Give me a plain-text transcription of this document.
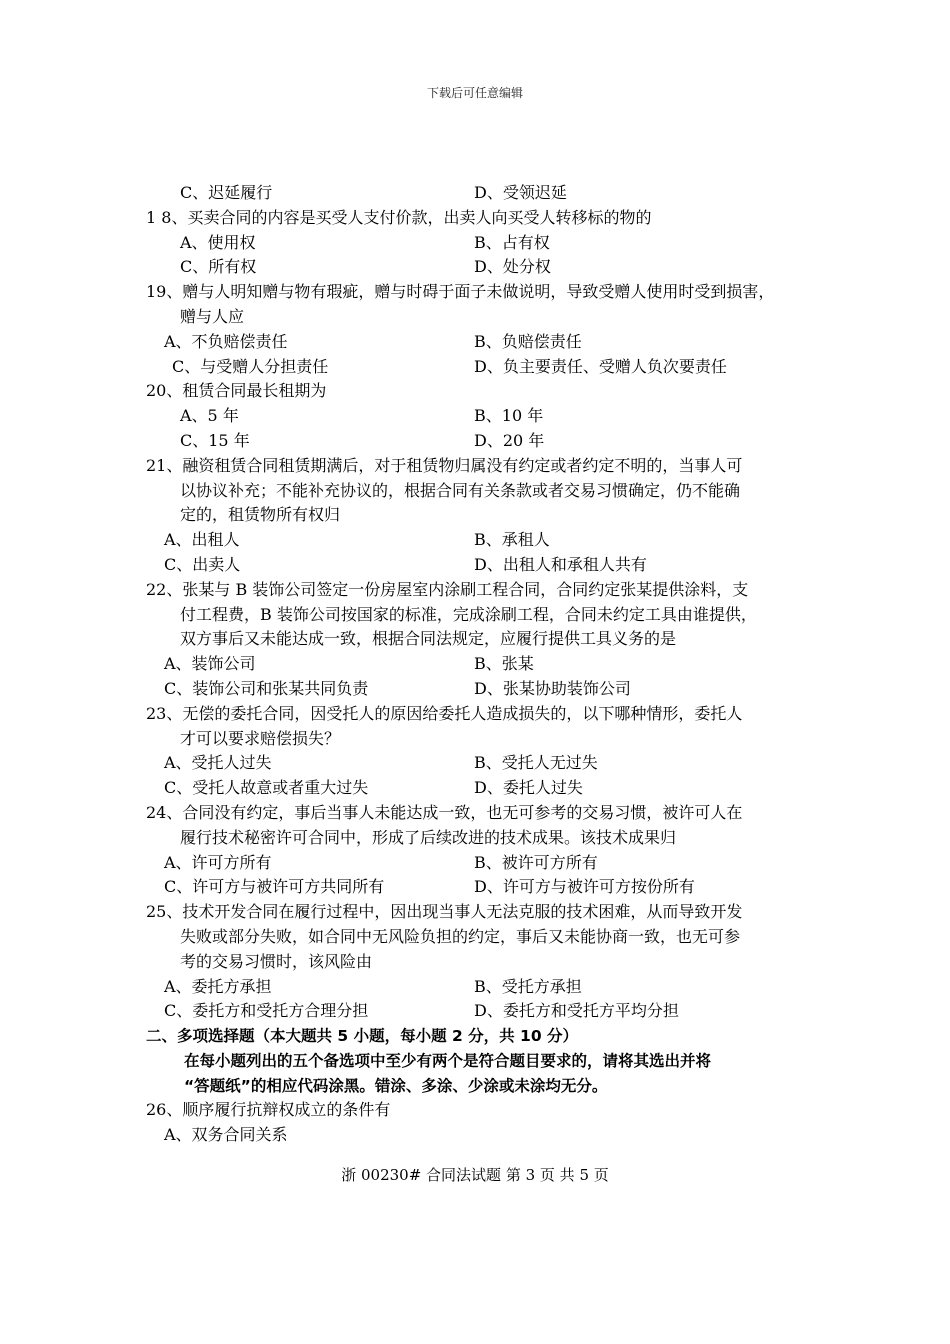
下载后可任意编辑
C、迟延履行	D、受领迟延
1 8、买卖合同的内容是买受人支付价款，出卖人向买受人转移标的物的
A、使用权	B、占有权
C、所有权	D、处分权
19、赠与人明知赠与物有瑕疵，赠与时碍于面子未做说明，导致受赠人使用时受到损害，
赠与人应
A、不负赔偿责任	B、负赔偿责任
C、与受赠人分担责任	D、负主要责任、受赠人负次要责任
20、租赁合同最长租期为
A、5 年	B、10 年
C、15 年	D、20 年
21、融资租赁合同租赁期满后，对于租赁物归属没有约定或者约定不明的，当事人可
以协议补充；不能补充协议的，根据合同有关条款或者交易习惯确定，仍不能确
定的，租赁物所有权归
A、出租人	B、承租人
C、出卖人	D、出租人和承租人共有
22、张某与 B 装饰公司签定一份房屋室内涂刷工程合同，合同约定张某提供涂料，支
付工程费，B 装饰公司按国家的标准，完成涂刷工程，合同未约定工具由谁提供，
双方事后又未能达成一致，根据合同法规定，应履行提供工具义务的是
A、装饰公司	B、张某
C、装饰公司和张某共同负责	D、张某协助装饰公司
23、无偿的委托合同，因受托人的原因给委托人造成损失的，以下哪种情形，委托人
才可以要求赔偿损失？
A、受托人过失	B、受托人无过失
C、受托人故意或者重大过失	D、委托人过失
24、合同没有约定，事后当事人未能达成一致，也无可参考的交易习惯，被许可人在
履行技术秘密许可合同中，形成了后续改进的技术成果。该技术成果归
A、许可方所有	B、被许可方所有
C、许可方与被许可方共同所有	D、许可方与被许可方按份所有
25、技术开发合同在履行过程中，因出现当事人无法克服的技术困难，从而导致开发
失败或部分失败，如合同中无风险负担的约定，事后又未能协商一致，也无可参
考的交易习惯时，该风险由
A、委托方承担	B、受托方承担
C、委托方和受托方合理分担	D、委托方和受托方平均分担
二、多项选择题（本大题共 5 小题，每小题 2 分，共 10 分）
在每小题列出的五个备选项中至少有两个是符合题目要求的，请将其选出并将
“答题纸”的相应代码涂黑。错涂、多涂、少涂或未涂均无分。
26、顺序履行抗辩权成立的条件有
A、双务合同关系
浙 00230# 合同法试题 第 3 页 共 5 页
